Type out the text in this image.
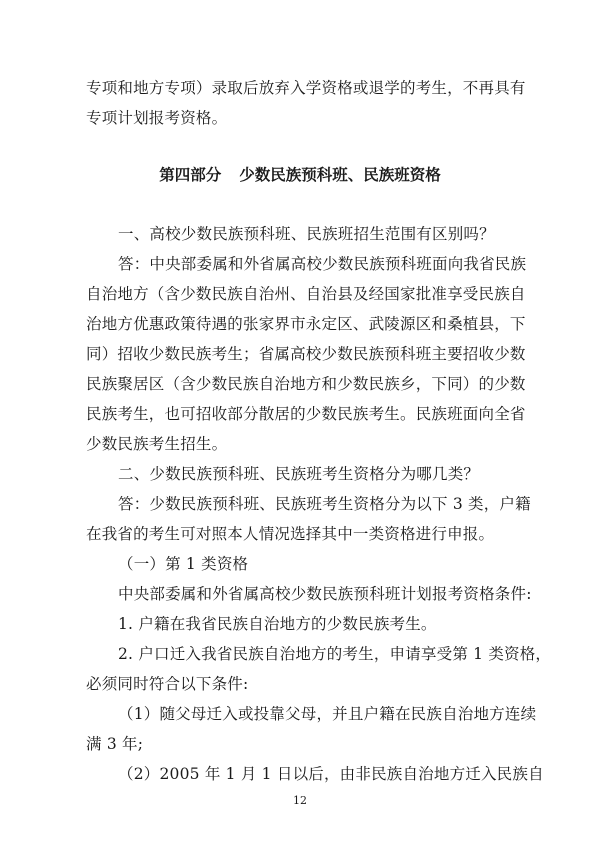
专项和地方专项）录取后放弃入学资格或退学的考生，不再具有
专项计划报考资格。
第四部分 少数民族预科班、民族班资格
一、高校少数民族预科班、民族班招生范围有区别吗？
答：中央部委属和外省属高校少数民族预科班面向我省民族
自治地方（含少数民族自治州、自治县及经国家批准享受民族自
治地方优惠政策待遇的张家界市永定区、武陵源区和桑植县，下
同）招收少数民族考生；省属高校少数民族预科班主要招收少数
民族聚居区（含少数民族自治地方和少数民族乡，下同）的少数
民族考生，也可招收部分散居的少数民族考生。民族班面向全省
少数民族考生招生。
二、少数民族预科班、民族班考生资格分为哪几类？
答：少数民族预科班、民族班考生资格分为以下 3 类，户籍
在我省的考生可对照本人情况选择其中一类资格进行申报。
（一）第 1 类资格
中央部委属和外省属高校少数民族预科班计划报考资格条件:
1. 户籍在我省民族自治地方的少数民族考生。
2. 户口迁入我省民族自治地方的考生，申请享受第 1 类资格，
必须同时符合以下条件:
（1）随父母迁入或投靠父母，并且户籍在民族自治地方连续
满 3 年;
（2）2005 年 1 月 1 日以后，由非民族自治地方迁入民族自
12
